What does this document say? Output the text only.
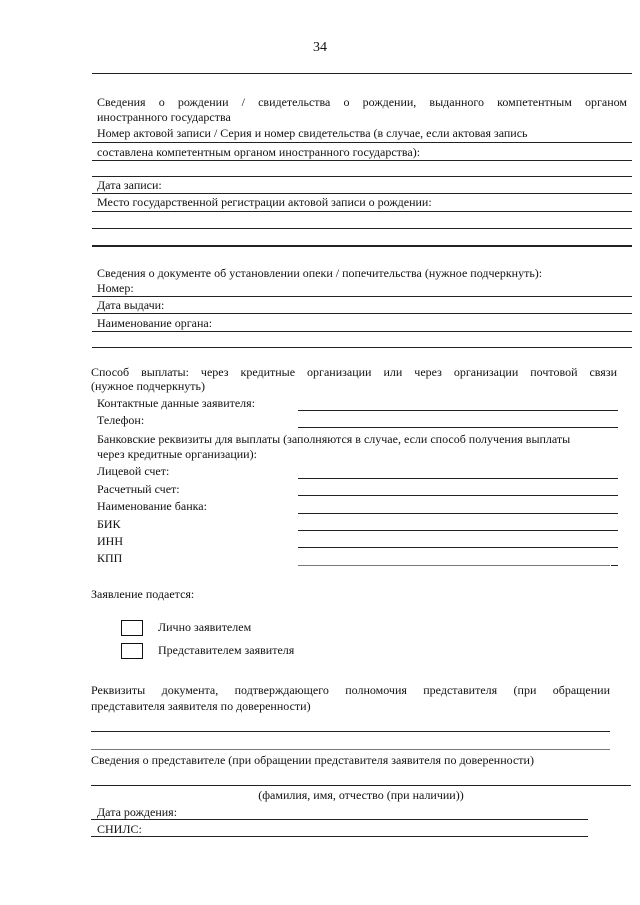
34
Сведения о рождении / свидетельства о рождении, выданного компетентным органом
иностранного государства
Номер актовой записи / Серия и номер свидетельства (в случае, если актовая запись
составлена компетентным органом иностранного государства):
Дата записи:
Место государственной регистрации актовой записи о рождении:
Сведения о документе об установлении опеки / попечительства (нужное подчеркнуть):
Номер:
Дата выдачи:
Наименование органа:
Способ выплаты: через кредитные организации или через организации почтовой связи
(нужное подчеркнуть)
Контактные данные заявителя:
Телефон:
Банковские реквизиты для выплаты (заполняются в случае, если способ получения выплаты
через кредитные организации):
Лицевой счет:
Расчетный счет:
Наименование банка:
БИК
ИНН
КПП
Заявление подается:
Лично заявителем
Представителем заявителя
Реквизиты документа, подтверждающего полномочия представителя (при обращении
представителя заявителя по доверенности)
Сведения о представителе (при обращении представителя заявителя по доверенности)
(фамилия, имя, отчество (при наличии))
Дата рождения:
СНИЛС:
